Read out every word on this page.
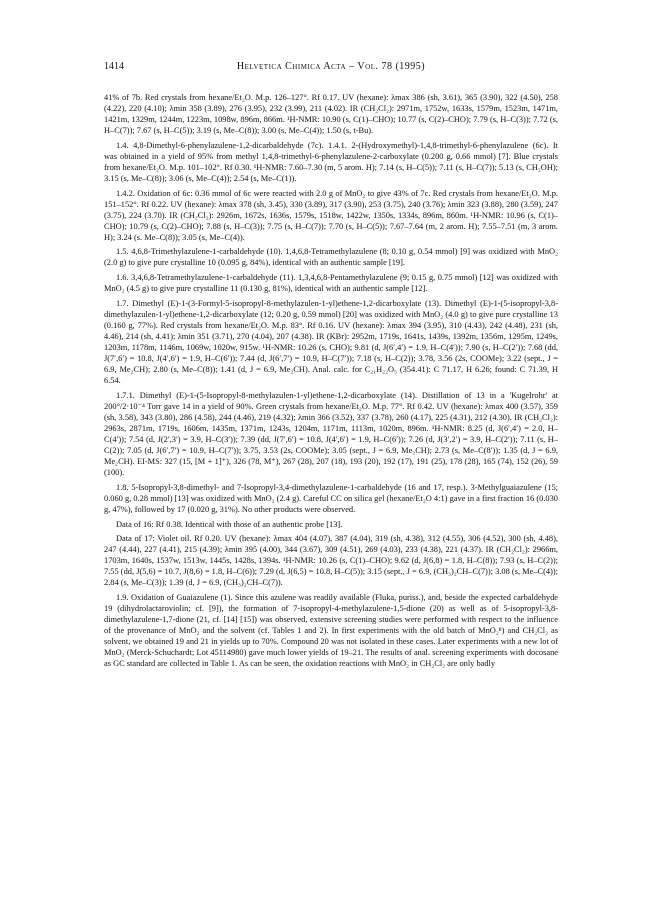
1414	Helvetica Chimica Acta – Vol. 78 (1995)

41% of 7b. Red crystals from hexane/Et₂O. M.p. 126–127°. Rf 0.17. UV (hexane): λmax 386 (sh, 3.61), 365 (3.90), 322 (4.50), 258 (4.22), 220 (4.10); λmin 358 (3.89), 276 (3.95), 232 (3.99), 211 (4.02). IR (CH₂Cl₂): 2971m, 1752w, 1633s, 1579m, 1523m, 1471m, 1421m, 1329m, 1244m, 1223m, 1098w, 896m, 866m. ¹H-NMR: 10.90 (s, C(1)–CHO); 10.77 (s, C(2)–CHO); 7.79 (s, H–C(3)); 7.72 (s, H–C(7)); 7.67 (s, H–C(5)); 3.19 (s, Me–C(8)); 3.00 (s, Me–C(4)); 1.50 (s, t-Bu).

1.4. 4,8-Dimethyl-6-phenylazulene-1,2-dicarbaldehyde (7c). 1.4.1. 2-(Hydroxymethyl)-1,4,8-trimethyl-6-phenylazulene (6c). It was obtained in a yield of 95% from methyl 1,4,8-trimethyl-6-phenylazulene-2-carboxylate (0.200 g, 0.66 mmol) [7]. Blue crystals from hexane/Et₂O. M.p. 101–102°. Rf 0.30. ¹H-NMR: 7.60–7.30 (m, 5 arom. H); 7.14 (s, H–C(5)); 7.11 (s, H–C(7)); 5.13 (s, CH₂OH); 3.15 (s, Me–C(8)); 3.06 (s, Me–C(4)); 2.54 (s, Me–C(1)).

1.4.2. Oxidation of 6c: 0.36 mmol of 6c were reacted with 2.0 g of MnO₂ to give 43% of 7c. Red crystals from hexane/Et₂O. M.p. 151–152°. Rf 0.22. UV (hexane): λmax 378 (sh, 3.45), 330 (3.89), 317 (3.90), 253 (3.75), 240 (3.76); λmin 323 (3.88), 280 (3.59), 247 (3.75), 224 (3.70). IR (CH₂Cl₂): 2926m, 1672s, 1636s, 1579s, 1518w, 1422w, 1350s, 1334s, 896m, 860m. ¹H-NMR: 10.96 (s, C(1)–CHO); 10.79 (s, C(2)–CHO); 7.88 (s, H–C(3)); 7.75 (s, H–C(7)); 7.70 (s, H–C(5)); 7.67–7.64 (m, 2 arom. H); 7.55–7.51 (m, 3 arom. H); 3.24 (s. Me–C(8)); 3.05 (s, Me–C(4)).

1.5. 4,6,8-Trimethylazulene-1-carbaldehyde (10). 1,4,6,8-Tetramethylazulene (8; 0.10 g, 0.54 mmol) [9] was oxidized with MnO₂ (2.0 g) to give pure crystalline 10 (0.095 g, 84%), identical with an authentic sample [19].

1.6. 3,4,6,8-Tetramethylazulene-1-carbaldehyde (11). 1,3,4,6,8-Pentamethylazulene (9; 0.15 g, 0.75 mmol) [12] was oxidized with MnO₂ (4.5 g) to give pure crystalline 11 (0.130 g, 81%), identical with an authentic sample [12].

1.7. Dimethyl (E)-1-(3-Formyl-5-isopropyl-8-methylazulen-1-yl)ethene-1,2-dicarboxylate (13). Dimethyl (E)-1-(5-isopropyl-3,8-dimethylazulen-1-yl)ethene-1,2-dicarboxylate (12; 0.20 g, 0.59 mmol) [20] was oxidized with MnO₂ (4.0 g) to give pure crystalline 13 (0.160 g, 77%). Red crystals from hexane/Et₂O. M.p. 83°. Rf 0.16. UV (hexane): λmax 394 (3.95), 310 (4.43), 242 (4.48), 231 (sh, 4.46), 214 (sh, 4.41); λmin 351 (3.71), 270 (4.04), 207 (4.38). IR (KBr): 2952m, 1719s, 1641s, 1439s, 1392m, 1356m, 1295m, 1249s, 1203m, 1178m, 1146m, 1069w, 1020w, 915w. ¹H-NMR: 10.26 (s, CHO); 9.81 (d, J(6′,4′) = 1.9, H–C(4′)); 7.90 (s, H–C(2′)); 7.68 (dd, J(7′,6′) = 10.8, J(4′,6′) = 1.9, H–C(6′)); 7.44 (d, J(6′,7′) = 10.9, H–C(7′)); 7.18 (s, H–C(2)); 3.78, 3.56 (2s, COOMe); 3.22 (sept., J = 6.9, Me₂CH); 2.80 (s, Me–C(8)); 1.41 (d, J = 6.9, Me₂CH). Anal. calc. for C₂₁H₂₂O₅ (354.41): C 71.17, H 6.26; found: C 71.39, H 6.54.

1.7.1. Dimethyl (E)-1-(5-Isopropyl-8-methylazulen-1-yl)ethene-1,2-dicarboxylate (14). Distillation of 13 in a 'Kugelrohr' at 200°/2·10⁻⁴ Torr gave 14 in a yield of 90%. Green crystals from hexane/Et₂O. M.p. 77°. Rf 0.42. UV (hexane): λmax 400 (3.57), 359 (sh, 3.58), 343 (3.80), 286 (4.58), 244 (4.46), 219 (4.32); λmin 366 (3.52), 337 (3.78), 260 (4.17), 225 (4.31), 212 (4.30). IR (CH₂Cl₂): 2963s, 2871m, 1719s, 1606m, 1435m, 1371m, 1243s, 1204m, 1171m, 1113m, 1020m, 896m. ¹H-NMR: 8.25 (d, J(6′,4′) = 2.0, H–C(4′)); 7.54 (d, J(2′,3′) = 3.9, H–C(3′)); 7.39 (dd, J(7′,6′) = 10.8, J(4′,6′) = 1.9, H–C(6′)); 7.26 (d, J(3′,2′) = 3.9, H–C(2′)); 7.11 (s, H–C(2)); 7.05 (d, J(6′,7′) = 10.9, H–C(7′)); 3.75, 3.53 (2s, COOMe); 3.05 (sept., J = 6.9, Me₂CH); 2.73 (s, Me–C(8′)); 1.35 (d, J = 6.9, Me₂CH). EI-MS: 327 (15, [M + 1]⁺), 326 (78, M⁺), 267 (28), 207 (18), 193 (20), 192 (17), 191 (25), 178 (28), 165 (74), 152 (26), 59 (100).

1.8. 5-Isopropyl-3,8-dimethyl- and 7-Isopropyl-3,4-dimethylazulene-1-carbaldehyde (16 and 17, resp.). 3-Methylguaiazulene (15; 0.060 g, 0.28 mmol) [13] was oxidized with MnO₂ (2.4 g). Careful CC on silica gel (hexane/Et₂O 4:1) gave in a first fraction 16 (0.030 g, 47%), followed by 17 (0.020 g, 31%). No other products were observed.

Data of 16: Rf 0.38. Identical with those of an authentic probe [13].

Data of 17: Violet oil. Rf 0.20. UV (hexane): λmax 404 (4.07), 387 (4.04), 319 (sh, 4.38), 312 (4.55), 306 (4.52), 300 (sh, 4.48), 247 (4.44), 227 (4.41), 215 (4.39); λmin 395 (4.00), 344 (3.67), 309 (4.51), 269 (4.03), 233 (4.38), 221 (4.37). IR (CH₂Cl₂): 2966m, 1703m, 1640s, 1537w, 1513w, 1445s, 1428s, 1394s. ¹H-NMR: 10.26 (s, C(1)–CHO); 9.62 (d, J(6,8) = 1.8, H–C(8)); 7.93 (s, H–C(2)); 7.55 (dd, J(5,6) = 10.7, J(8,6) = 1.8, H–C(6)); 7.29 (d, J(6,5) = 10.8, H–C(5)); 3.15 (sept., J = 6.9, (CH₃)₂CH–C(7)); 3.08 (s, Me–C(4)); 2.84 (s, Me–C(3)); 1.39 (d, J = 6.9, (CH₃)₂CH–C(7)).

1.9. Oxidation of Guaiazulene (1). Since this azulene was readily available (Fluka, puriss.), and, beside the expected carbaldehyde 19 (dihydrolactaroviolin; cf. [9]), the formation of 7-isopropyl-4-methylazulene-1,5-dione (20) as well as of 5-isopropyl-3,8-dimethylazulene-1,7-dione (21, cf. [14] [15]) was observed, extensive screening studies were performed with respect to the influence of the provenance of MnO₂ and the solvent (cf. Tables 1 and 2). In first experiments with the old batch of MnO₂⁸) and CH₂Cl₂ as solvent, we obtained 19 and 21 in yields up to 70%. Compound 20 was not isolated in these cases. Later experiments with a new lot of MnO₂ (Merck-Schuchardt; Lot 45114980) gave much lower yields of 19–21. The results of anal. screening experiments with docosane as GC standard are collected in Table 1. As can be seen, the oxidation reactions with MnO₂ in CH₂Cl₂ are only badly
